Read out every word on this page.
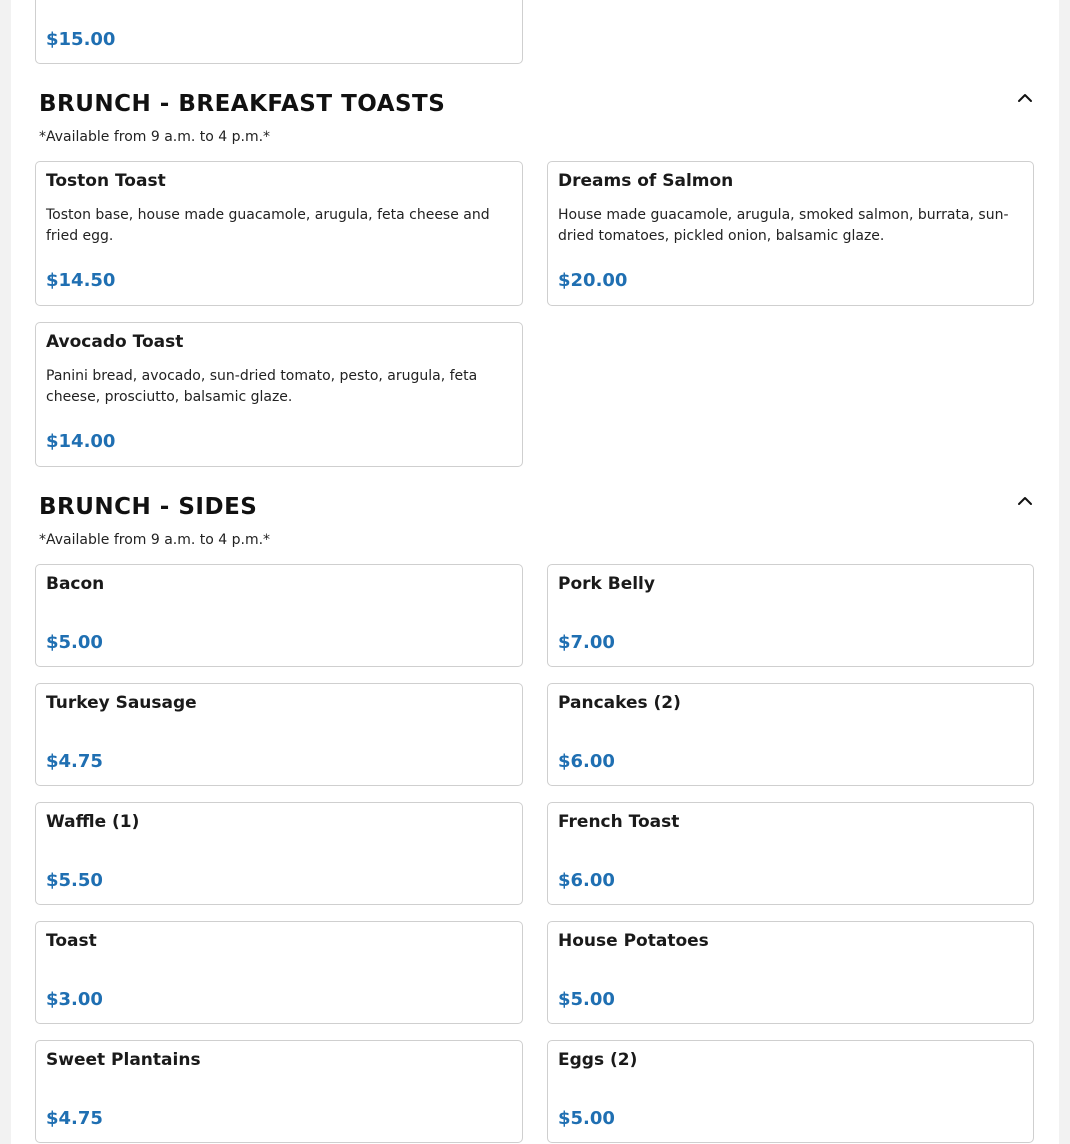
$15.00
BRUNCH - BREAKFAST TOASTS
*Available from 9 a.m. to 4 p.m.*
Toston Toast
Toston base, house made guacamole, arugula, feta cheese and fried egg.
$14.50
Dreams of Salmon
House made guacamole, arugula, smoked salmon, burrata, sun-dried tomatoes, pickled onion, balsamic glaze.
$20.00
Avocado Toast
Panini bread, avocado, sun-dried tomato, pesto, arugula, feta cheese, prosciutto, balsamic glaze.
$14.00
BRUNCH - SIDES
*Available from 9 a.m. to 4 p.m.*
Bacon
$5.00
Pork Belly
$7.00
Turkey Sausage
$4.75
Pancakes (2)
$6.00
Waffle (1)
$5.50
French Toast
$6.00
Toast
$3.00
House Potatoes
$5.00
Sweet Plantains
$4.75
Eggs (2)
$5.00
